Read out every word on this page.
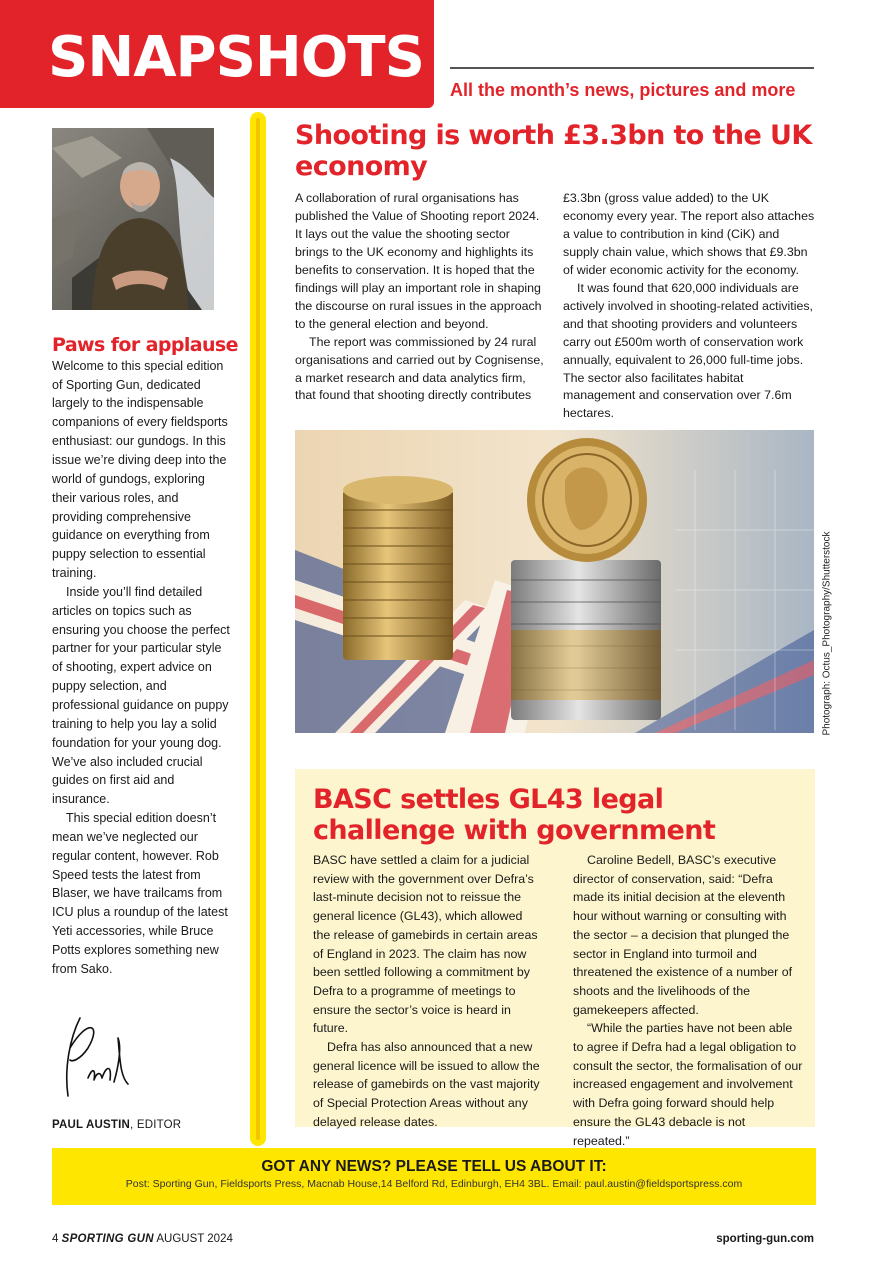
SNAPSHOTS All the month’s news, pictures and more
Paws for applause

Welcome to this special edition of Sporting Gun, dedicated largely to the indispensable companions of every fieldsports enthusiast: our gundogs. In this issue we’re diving deep into the world of gundogs, exploring their various roles, and providing comprehensive guidance on everything from puppy selection to essential training.

Inside you’ll find detailed articles on topics such as ensuring you choose the perfect partner for your particular style of shooting, expert advice on puppy selection, and professional guidance on puppy training to help you lay a solid foundation for your young dog. We’ve also included crucial guides on first aid and insurance.

This special edition doesn’t mean we’ve neglected our regular content, however. Rob Speed tests the latest from Blaser, we have trailcams from ICU plus a roundup of the latest Yeti accessories, while Bruce Potts explores something new from Sako.

PAUL AUSTIN, EDITOR
Shooting is worth £3.3bn to the UK economy

A collaboration of rural organisations has published the Value of Shooting report 2024. It lays out the value the shooting sector brings to the UK economy and highlights its benefits to conservation. It is hoped that the findings will play an important role in shaping the discourse on rural issues in the approach to the general election and beyond.

The report was commissioned by 24 rural organisations and carried out by Cognisense, a market research and data analytics firm, that found that shooting directly contributes

£3.3bn (gross value added) to the UK economy every year. The report also attaches a value to contribution in kind (CiK) and supply chain value, which shows that £9.3bn of wider economic activity for the economy.

It was found that 620,000 individuals are actively involved in shooting-related activities, and that shooting providers and volunteers carry out £500m worth of conservation work annually, equivalent to 26,000 full-time jobs. The sector also facilitates habitat management and conservation over 7.6m hectares.

Photograph: Octus_Photography/Shutterstock
BASC settles GL43 legal challenge with government

BASC have settled a claim for a judicial review with the government over Defra’s last-minute decision not to reissue the general licence (GL43), which allowed the release of gamebirds in certain areas of England in 2023. The claim has now been settled following a commitment by Defra to a programme of meetings to ensure the sector’s voice is heard in future.

Defra has also announced that a new general licence will be issued to allow the release of gamebirds on the vast majority of Special Protection Areas without any delayed release dates.

Caroline Bedell, BASC’s executive director of conservation, said: “Defra made its initial decision at the eleventh hour without warning or consulting with the sector – a decision that plunged the sector in England into turmoil and threatened the existence of a number of shoots and the livelihoods of the gamekeepers affected.

“While the parties have not been able to agree if Defra had a legal obligation to consult the sector, the formalisation of our increased engagement and involvement with Defra going forward should help ensure the GL43 debacle is not repeated.”

GOT ANY NEWS? PLEASE TELL US ABOUT IT:
Post: Sporting Gun, Fieldsports Press, Macnab House,14 Belford Rd, Edinburgh, EH4 3BL. Email: paul.austin@fieldsportspress.com
4 SPORTING GUN AUGUST 2024	sporting-gun.com
